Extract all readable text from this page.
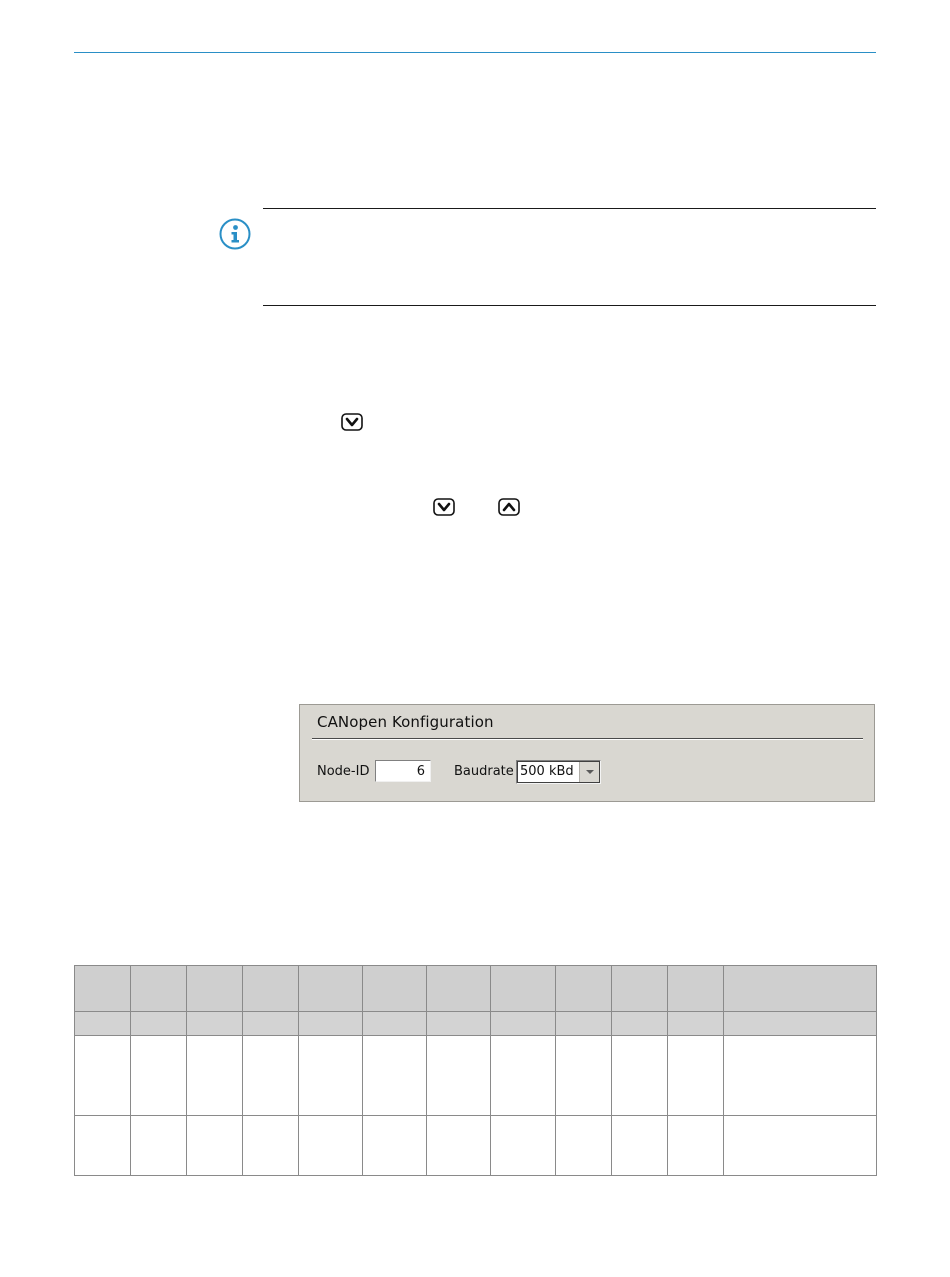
CANopen Konfiguration
Node-ID	6	Baudrate 500 kBd
